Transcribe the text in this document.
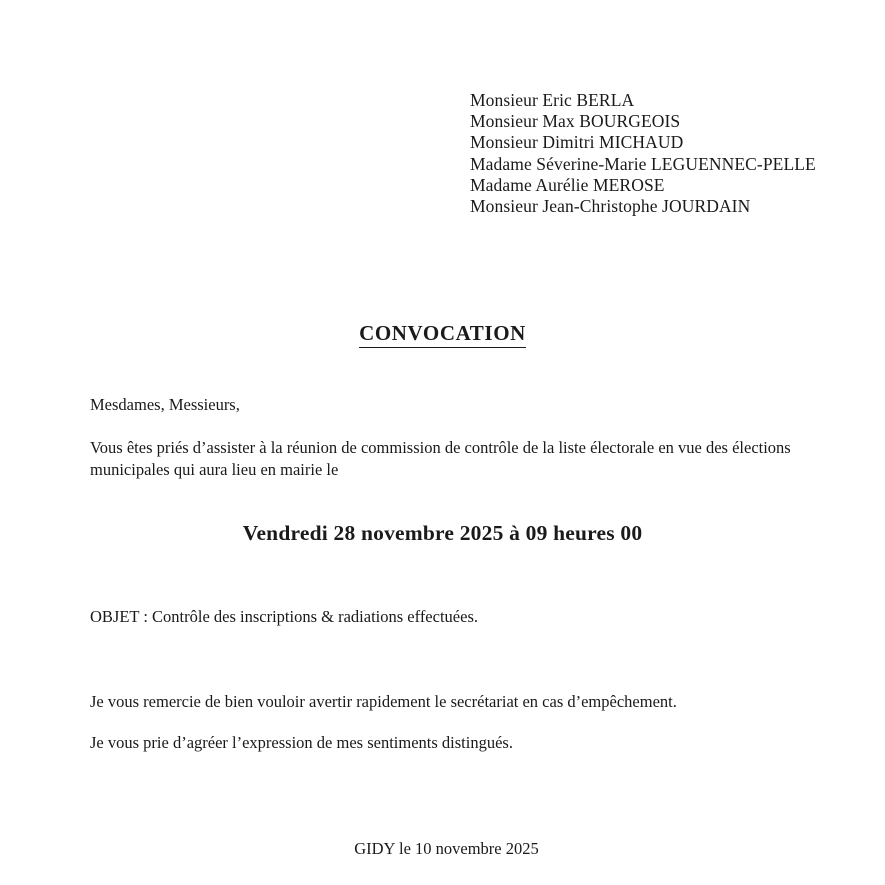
Monsieur Eric BERLA
Monsieur Max BOURGEOIS
Monsieur Dimitri MICHAUD
Madame Séverine-Marie LEGUENNEC-PELLE
Madame Aurélie MEROSE
Monsieur Jean-Christophe JOURDAIN
CONVOCATION
Mesdames, Messieurs,
Vous êtes priés d’assister à la réunion de commission de contrôle de la liste électorale en vue des élections municipales qui aura lieu en mairie le
Vendredi 28 novembre 2025 à 09 heures 00
OBJET : Contrôle des inscriptions & radiations effectuées.
Je vous remercie de bien vouloir avertir rapidement le secrétariat en cas d’empêchement.
Je vous prie d’agréer l’expression de mes sentiments distingués.
GIDY le 10 novembre 2025
